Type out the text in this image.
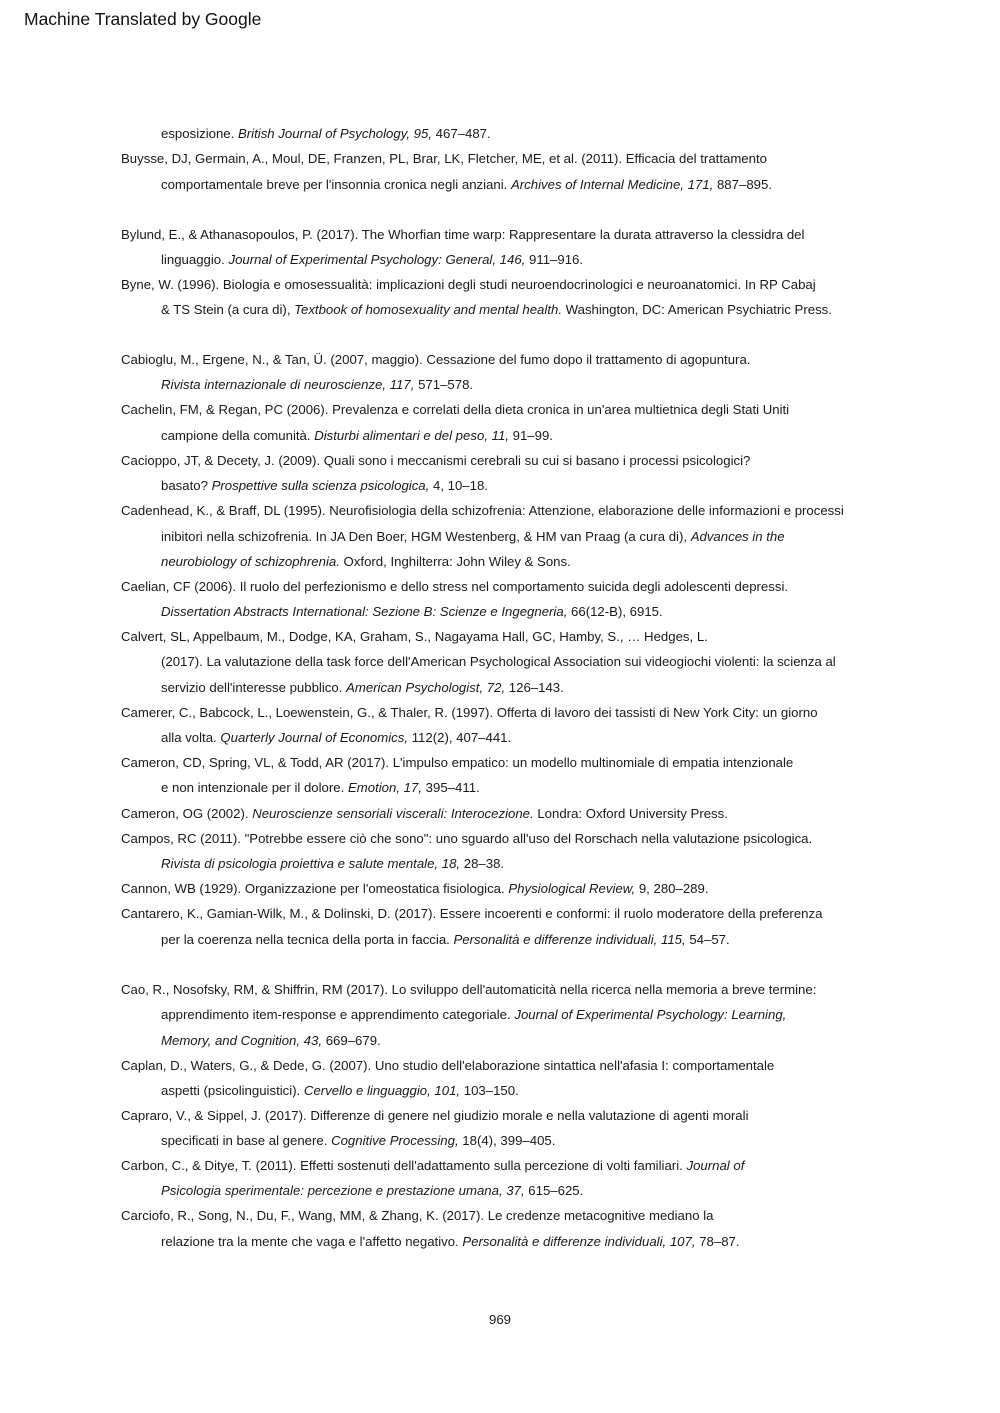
Machine Translated by Google
esposizione. British Journal of Psychology, 95, 467–487.
Buysse, DJ, Germain, A., Moul, DE, Franzen, PL, Brar, LK, Fletcher, ME, et al. (2011). Efficacia del trattamento
comportamentale breve per l'insonnia cronica negli anziani. Archives of Internal Medicine, 171, 887–895.
Bylund, E., & Athanasopoulos, P. (2017). The Whorfian time warp: Rappresentare la durata attraverso la clessidra del
linguaggio. Journal of Experimental Psychology: General, 146, 911–916.
Byne, W. (1996). Biologia e omosessualità: implicazioni degli studi neuroendocrinologici e neuroanatomici. In RP Cabaj
& TS Stein (a cura di), Textbook of homosexuality and mental health. Washington, DC: American Psychiatric Press.
Cabioglu, M., Ergene, N., & Tan, Ü. (2007, maggio). Cessazione del fumo dopo il trattamento di agopuntura.
Rivista internazionale di neuroscienze, 117, 571–578.
Cachelin, FM, & Regan, PC (2006). Prevalenza e correlati della dieta cronica in un'area multietnica degli Stati Uniti
campione della comunità. Disturbi alimentari e del peso, 11, 91–99.
Cacioppo, JT, & Decety, J. (2009). Quali sono i meccanismi cerebrali su cui si basano i processi psicologici?
basato? Prospettive sulla scienza psicologica, 4, 10–18.
Cadenhead, K., & Braff, DL (1995). Neurofisiologia della schizofrenia: Attenzione, elaborazione delle informazioni e processi
inibitori nella schizofrenia. In JA Den Boer, HGM Westenberg, & HM van Praag (a cura di), Advances in the
neurobiology of schizophrenia. Oxford, Inghilterra: John Wiley & Sons.
Caelian, CF (2006). Il ruolo del perfezionismo e dello stress nel comportamento suicida degli adolescenti depressi.
Dissertation Abstracts International: Sezione B: Scienze e Ingegneria, 66(12-B), 6915.
Calvert, SL, Appelbaum, M., Dodge, KA, Graham, S., Nagayama Hall, GC, Hamby, S., … Hedges, L.
(2017). La valutazione della task force dell'American Psychological Association sui videogiochi violenti: la scienza al
servizio dell'interesse pubblico. American Psychologist, 72, 126–143.
Camerer, C., Babcock, L., Loewenstein, G., & Thaler, R. (1997). Offerta di lavoro dei tassisti di New York City: un giorno
alla volta. Quarterly Journal of Economics, 112(2), 407–441.
Cameron, CD, Spring, VL, & Todd, AR (2017). L'impulso empatico: un modello multinomiale di empatia intenzionale
e non intenzionale per il dolore. Emotion, 17, 395–411.
Cameron, OG (2002). Neuroscienze sensoriali viscerali: Interocezione. Londra: Oxford University Press.
Campos, RC (2011). "Potrebbe essere ciò che sono": uno sguardo all'uso del Rorschach nella valutazione psicologica.
Rivista di psicologia proiettiva e salute mentale, 18, 28–38.
Cannon, WB (1929). Organizzazione per l'omeostatica fisiologica. Physiological Review, 9, 280–289.
Cantarero, K., Gamian-Wilk, M., & Dolinski, D. (2017). Essere incoerenti e conformi: il ruolo moderatore della preferenza
per la coerenza nella tecnica della porta in faccia. Personalità e differenze individuali, 115, 54–57.
Cao, R., Nosofsky, RM, & Shiffrin, RM (2017). Lo sviluppo dell'automaticità nella ricerca nella memoria a breve termine:
apprendimento item-response e apprendimento categoriale. Journal of Experimental Psychology: Learning,
Memory, and Cognition, 43, 669–679.
Caplan, D., Waters, G., & Dede, G. (2007). Uno studio dell'elaborazione sintattica nell'afasia I: comportamentale
aspetti (psicolinguistici). Cervello e linguaggio, 101, 103–150.
Capraro, V., & Sippel, J. (2017). Differenze di genere nel giudizio morale e nella valutazione di agenti morali
specificati in base al genere. Cognitive Processing, 18(4), 399–405.
Carbon, C., & Ditye, T. (2011). Effetti sostenuti dell'adattamento sulla percezione di volti familiari. Journal of
Psicologia sperimentale: percezione e prestazione umana, 37, 615–625.
Carciofo, R., Song, N., Du, F., Wang, MM, & Zhang, K. (2017). Le credenze metacognitive mediano la
relazione tra la mente che vaga e l'affetto negativo. Personalità e differenze individuali, 107, 78–87.
969
